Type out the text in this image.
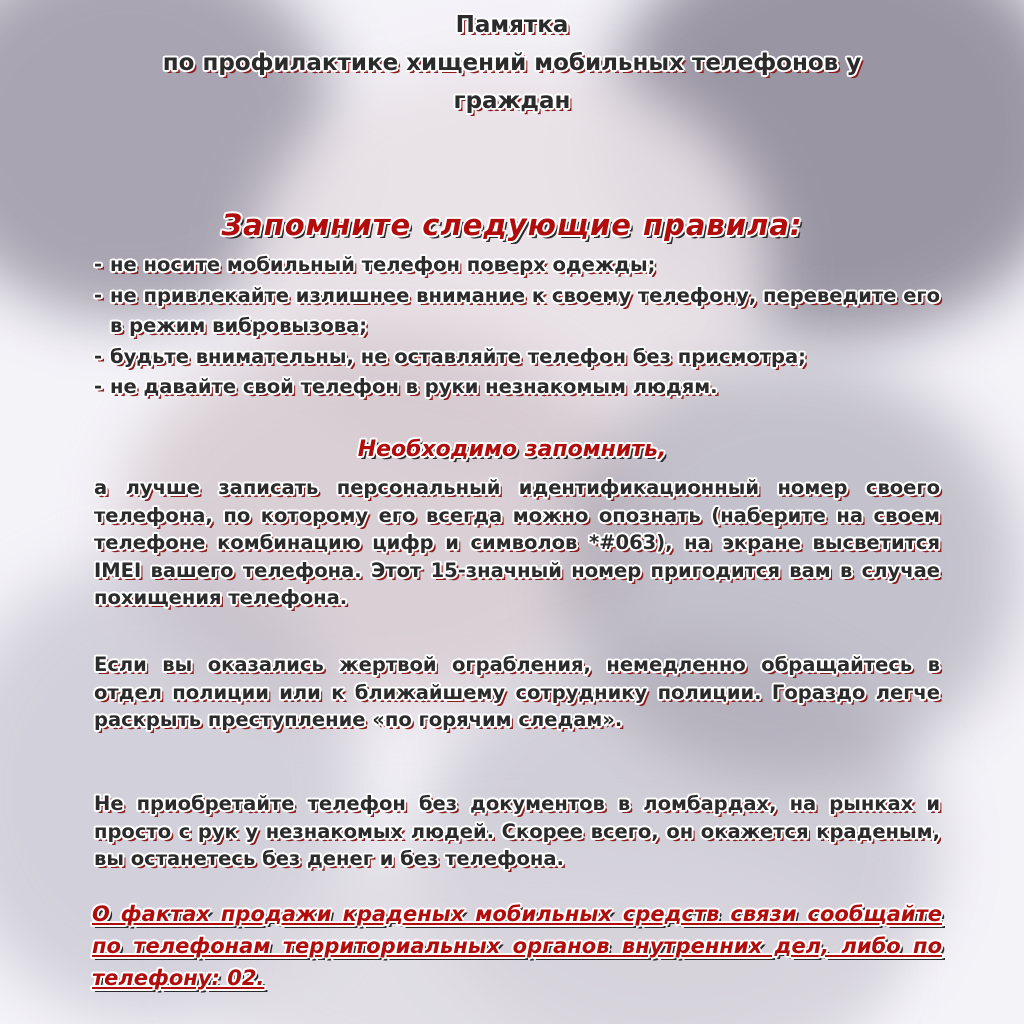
Памятка
по профилактике хищений мобильных телефонов у
граждан
Запомните следующие правила:
- не носите мобильный телефон поверх одежды;
- не привлекайте излишнее внимание к своему телефону, переведите его в режим вибровызова;
- будьте внимательны, не оставляйте телефон без присмотра;
- не давайте свой телефон в руки незнакомым людям.
Необходимо запомнить,

а лучше записать персональный идентификационный номер своего телефона, по которому его всегда можно опознать (наберите на своем телефоне комбинацию цифр и символов *#063), на экране высветится IMEI вашего телефона. Этот 15-значный номер пригодится вам в случае похищения телефона.

Если вы оказались жертвой ограбления, немедленно обращайтесь в отдел полиции или к ближайшему сотруднику полиции. Гораздо легче раскрыть преступление «по горячим следам».

Не приобретайте телефон без документов в ломбардах, на рынках и просто с рук у незнакомых людей. Скорее всего, он окажется краденым, вы останетесь без денег и без телефона.

О фактах продажи краденых мобильных средств связи сообщайте по телефонам территориальных органов внутренних дел, либо по телефону: 02.
